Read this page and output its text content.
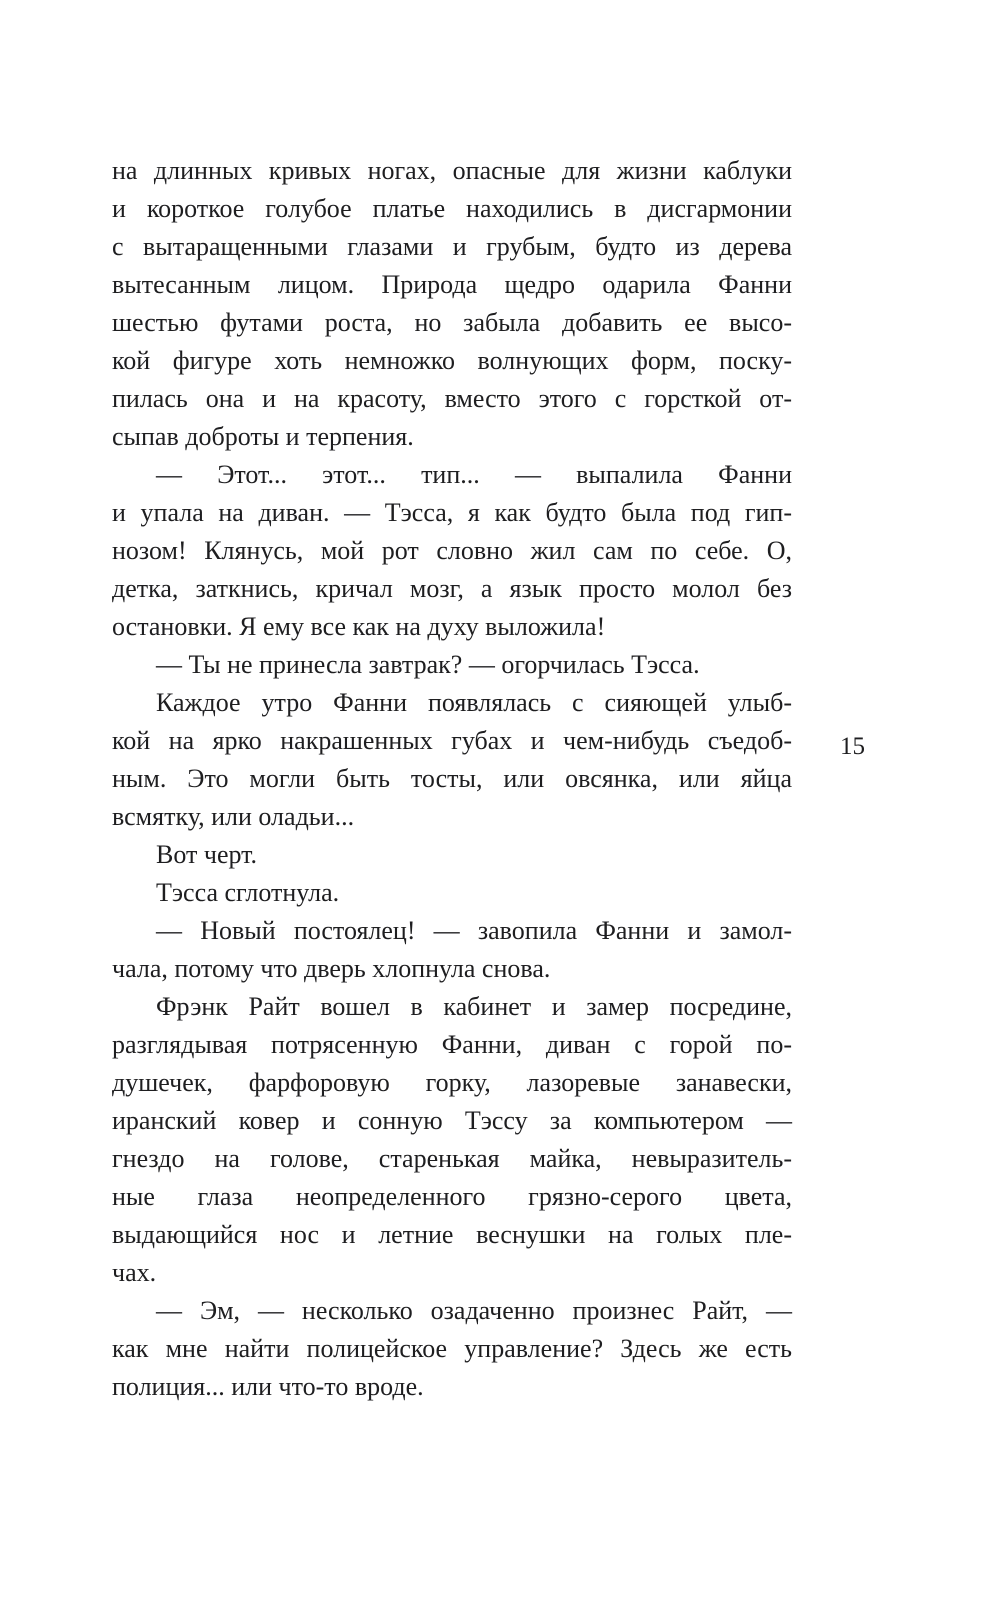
на длинных кривых ногах, опасные для жизни каблуки
и короткое голубое платье находились в дисгармонии
с вытаращенными глазами и грубым, будто из дерева
вытесанным лицом. Природа щедро одарила Фанни
шестью футами роста, но забыла добавить ее высо-
кой фигуре хоть немножко волнующих форм, поску-
пилась она и на красоту, вместо этого с горсткой от-
сыпав доброты и терпения.
— Этот... этот... тип... — выпалила Фанни
и упала на диван. — Тэсса, я как будто была под гип-
нозом! Клянусь, мой рот словно жил сам по себе. О,
детка, заткнись, кричал мозг, а язык просто молол без
остановки. Я ему все как на духу выложила!
— Ты не принесла завтрак? — огорчилась Тэсса.
Каждое утро Фанни появлялась с сияющей улыб-
кой на ярко накрашенных губах и чем-нибудь съедоб-
ным. Это могли быть тосты, или овсянка, или яйца
всмятку, или оладьи...
Вот черт.
Тэсса сглотнула.
— Новый постоялец! — завопила Фанни и замол-
чала, потому что дверь хлопнула снова.
Фрэнк Райт вошел в кабинет и замер посредине,
разглядывая потрясенную Фанни, диван с горой по-
душечек, фарфоровую горку, лазоревые занавески,
иранский ковер и сонную Тэссу за компьютером —
гнездо на голове, старенькая майка, невыразитель-
ные глаза неопределенного грязно-серого цвета,
выдающийся нос и летние веснушки на голых пле-
чах.
— Эм, — несколько озадаченно произнес Райт, —
как мне найти полицейское управление? Здесь же есть
полиция... или что-то вроде.
15
